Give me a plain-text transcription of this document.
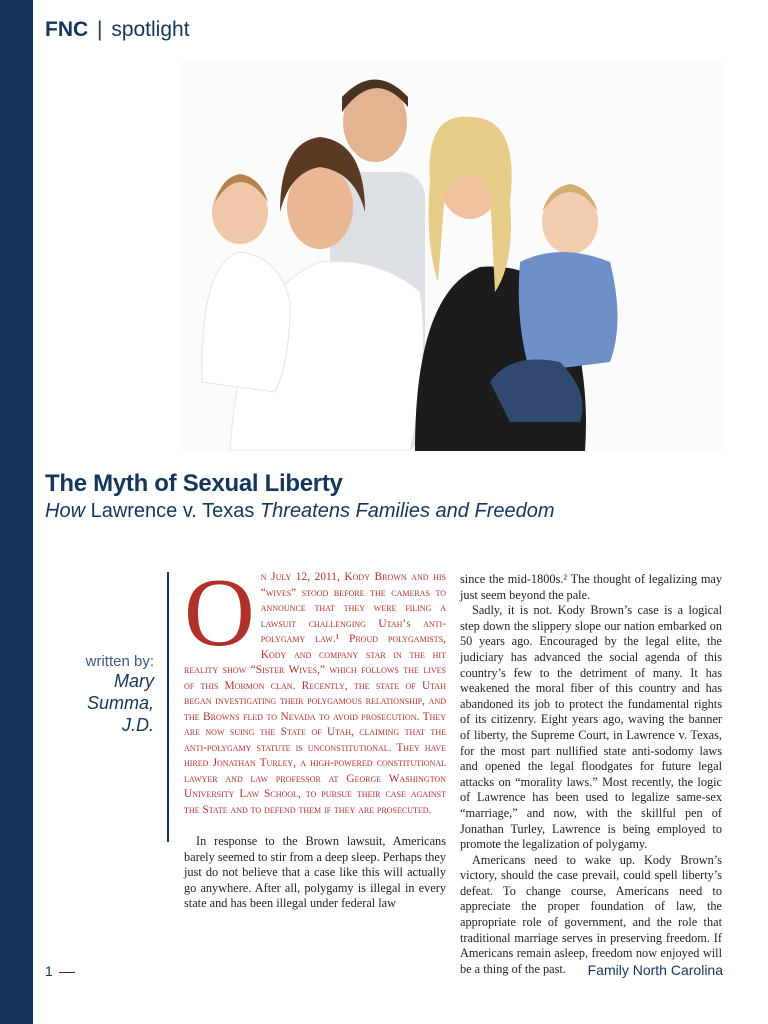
FNC | spotlight
The Myth of Sexual Liberty
How Lawrence v. Texas Threatens Families and Freedom
written by:
Mary Summa, J.D.
O n July 12, 2011, Kody Brown and his “wives” stood before the cameras to announce that they were filing a lawsuit challenging Utah’s anti-polygamy law.¹ Proud polygamists, Kody and company star in the hit reality show “Sister Wives,” which follows the lives of this Mormon clan. Recently, the state of Utah began investigating their polygamous relationship, and the Browns fled to Nevada to avoid prosecution. They are now suing the State of Utah, claiming that the anti-polygamy statute is unconstitutional. They have hired Jonathan Turley, a high-powered constitutional lawyer and law professor at George Washington University Law School, to pursue their case against the State and to defend them if they are prosecuted.

In response to the Brown lawsuit, Americans barely seemed to stir from a deep sleep. Perhaps they just do not believe that a case like this will actually go anywhere. After all, polygamy is illegal in every state and has been illegal under federal law

since the mid-1800s.² The thought of legalizing may just seem beyond the pale.

Sadly, it is not. Kody Brown’s case is a logical step down the slippery slope our nation embarked on 50 years ago. Encouraged by the legal elite, the judiciary has advanced the social agenda of this country’s few to the detriment of many. It has weakened the moral fiber of this country and has abandoned its job to protect the fundamental rights of its citizenry. Eight years ago, waving the banner of liberty, the Supreme Court, in Lawrence v. Texas, for the most part nullified state anti-sodomy laws and opened the legal floodgates for future legal attacks on “morality laws.” Most recently, the logic of Lawrence has been used to legalize same-sex “marriage,” and now, with the skillful pen of Jonathan Turley, Lawrence is being employed to promote the legalization of polygamy.

Americans need to wake up. Kody Brown’s victory, should the case prevail, could spell liberty’s defeat. To change course, Americans need to appreciate the proper foundation of law, the appropriate role of government, and the role that traditional marriage serves in preserving freedom. If Americans remain asleep, freedom now enjoyed will be a thing of the past.

1	Family North Carolina
